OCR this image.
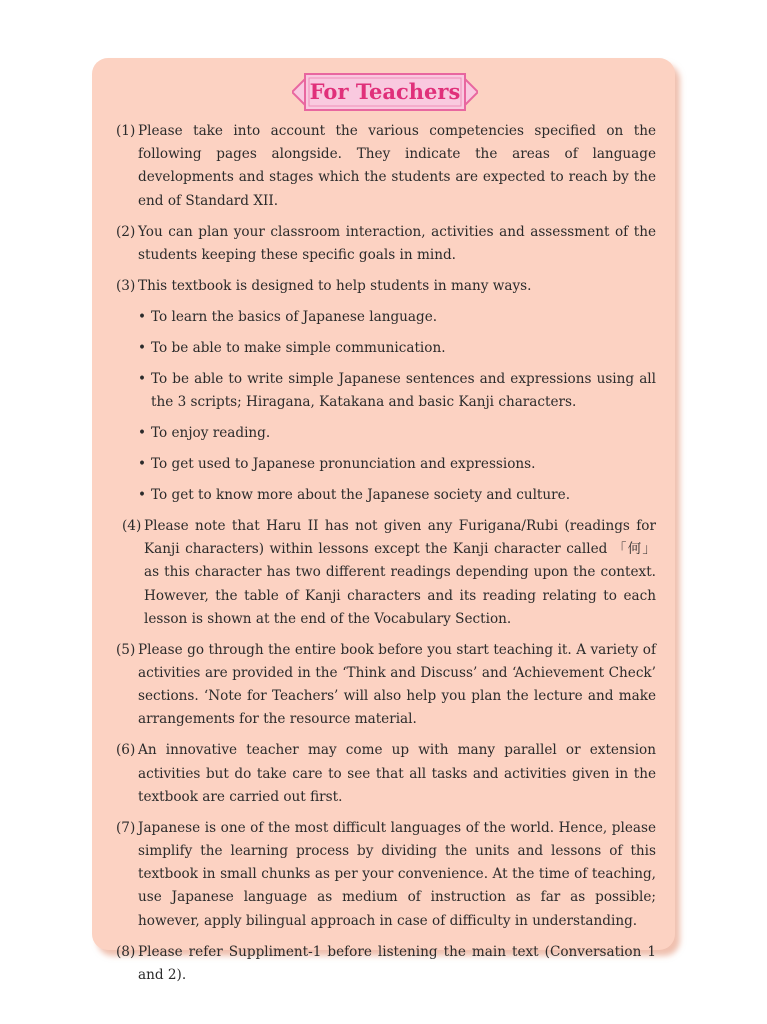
For Teachers
(1) Please take into account the various competencies specified on the following pages alongside. They indicate the areas of language developments and stages which the students are expected to reach by the end of Standard XII.
(2) You can plan your classroom interaction, activities and assessment of the students keeping these specific goals in mind.
(3) This textbook is designed to help students in many ways.
• To learn the basics of Japanese language.
• To be able to make simple communication.
• To be able to write simple Japanese sentences and expressions using all the 3 scripts; Hiragana, Katakana and basic Kanji characters.
• To enjoy reading.
• To get used to Japanese pronunciation and expressions.
• To get to know more about the Japanese society and culture.
(4) Please note that Haru II has not given any Furigana/Rubi (readings for Kanji characters) within lessons except the Kanji character called 「何」as this character has two different readings depending upon the context. However, the table of Kanji characters and its reading relating to each lesson is shown at the end of the Vocabulary Section.
(5) Please go through the entire book before you start teaching it. A variety of activities are provided in the ‘Think and Discuss’ and ‘Achievement Check’ sections. ‘Note for Teachers’ will also help you plan the lecture and make arrangements for the resource material.
(6) An innovative teacher may come up with many parallel or extension activities but do take care to see that all tasks and activities given in the textbook are carried out first.
(7) Japanese is one of the most difficult languages of the world. Hence, please simplify the learning process by dividing the units and lessons of this textbook in small chunks as per your convenience. At the time of teaching, use Japanese language as medium of instruction as far as possible; however, apply bilingual approach in case of difficulty in understanding.
(8) Please refer Suppliment-1 before listening the main text (Conversation 1 and 2).
